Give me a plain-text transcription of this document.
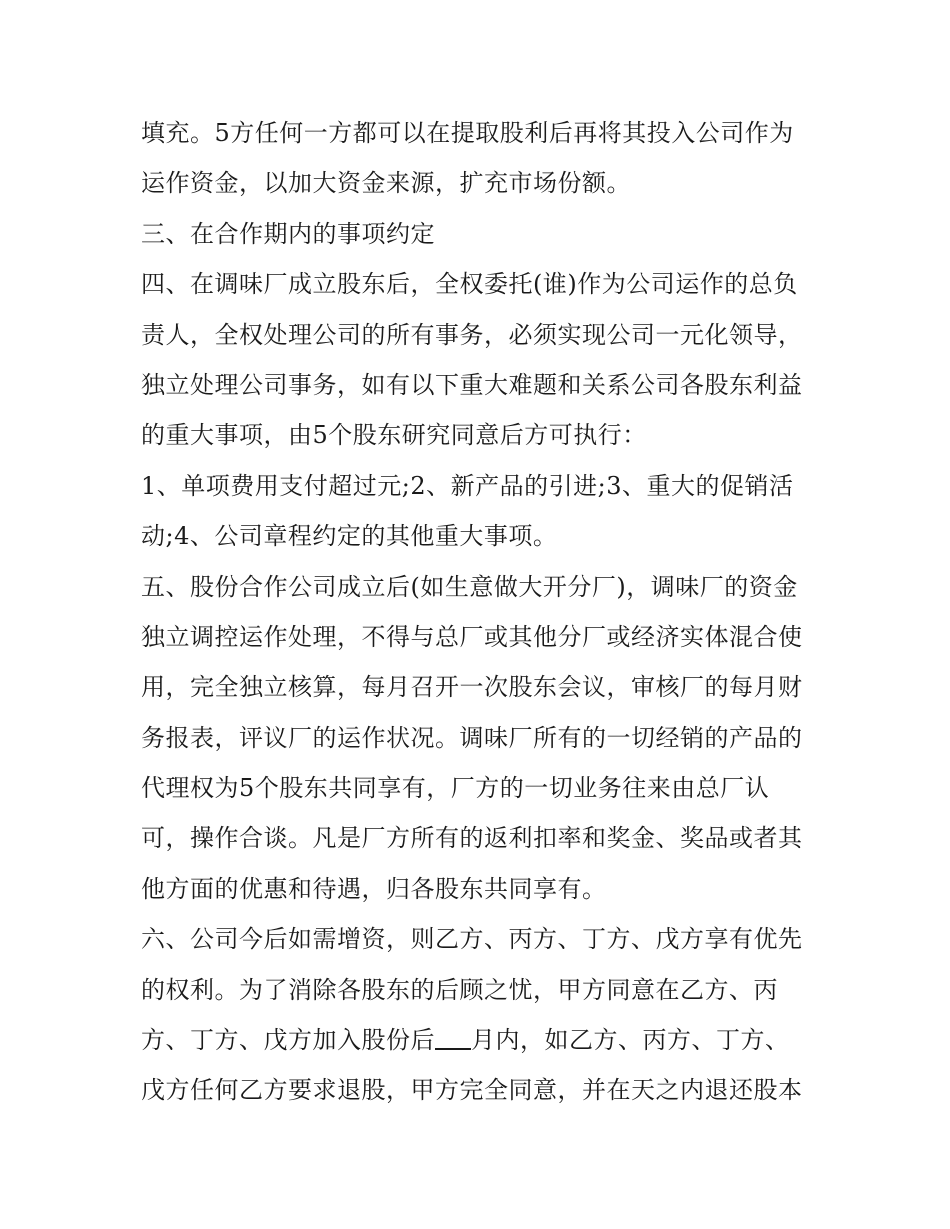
填充。5方任何一方都可以在提取股利后再将其投入公司作为
运作资金，以加大资金来源，扩充市场份额。
三、在合作期内的事项约定
四、在调味厂成立股东后，全权委托(谁)作为公司运作的总负
责人，全权处理公司的所有事务，必须实现公司一元化领导，
独立处理公司事务，如有以下重大难题和关系公司各股东利益
的重大事项，由5个股东研究同意后方可执行：
1、单项费用支付超过元;2、新产品的引进;3、重大的促销活
动;4、公司章程约定的其他重大事项。
五、股份合作公司成立后(如生意做大开分厂)，调味厂的资金
独立调控运作处理，不得与总厂或其他分厂或经济实体混合使
用，完全独立核算，每月召开一次股东会议，审核厂的每月财
务报表，评议厂的运作状况。调味厂所有的一切经销的产品的
代理权为5个股东共同享有，厂方的一切业务往来由总厂认
可，操作合谈。凡是厂方所有的返利扣率和奖金、奖品或者其
他方面的优惠和待遇，归各股东共同享有。
六、公司今后如需增资，则乙方、丙方、丁方、戊方享有优先
的权利。为了消除各股东的后顾之忧，甲方同意在乙方、丙
方、丁方、戊方加入股份后 月内，如乙方、丙方、丁方、
戊方任何乙方要求退股，甲方完全同意，并在天之内退还股本
